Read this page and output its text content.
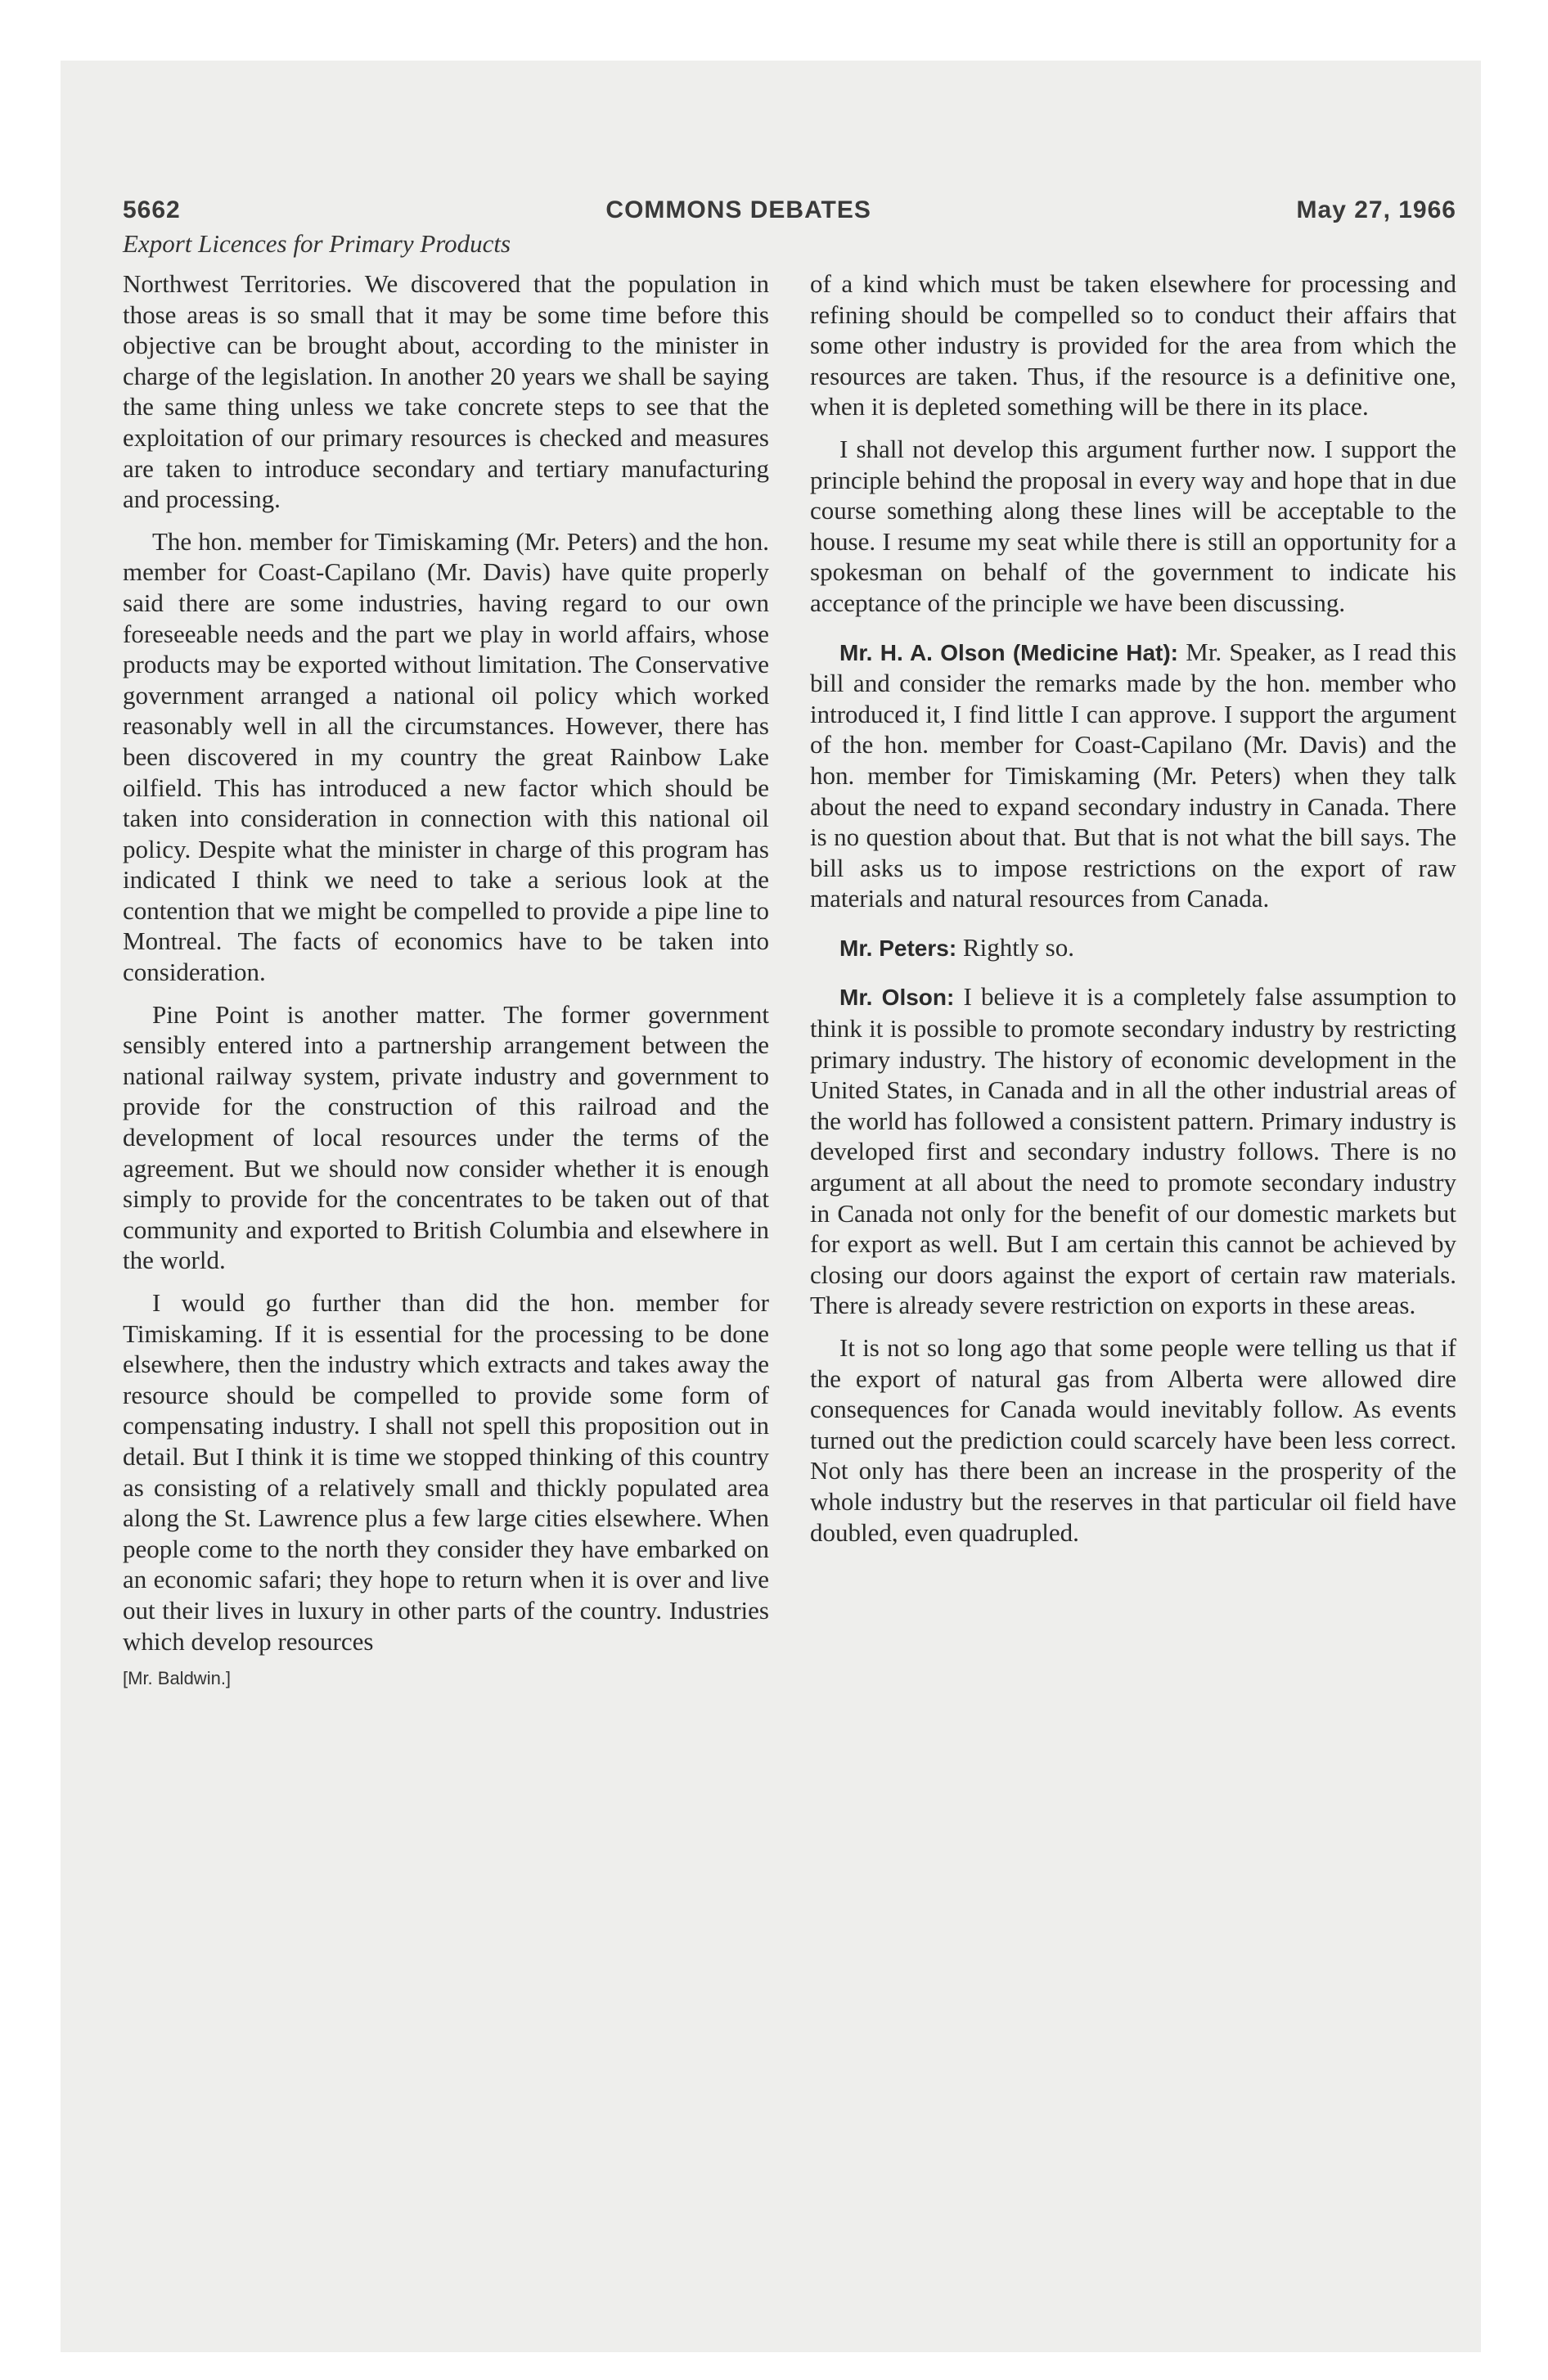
5662	COMMONS DEBATES	May 27, 1966
Export Licences for Primary Products

Northwest Territories. We discovered that the population in those areas is so small that it may be some time before this objective can be brought about, according to the minister in charge of the legislation. In another 20 years we shall be saying the same thing unless we take concrete steps to see that the exploitation of our primary resources is checked and measures are taken to introduce secondary and tertiary manufacturing and processing.

The hon. member for Timiskaming (Mr. Peters) and the hon. member for Coast-Capilano (Mr. Davis) have quite properly said there are some industries, having regard to our own foreseeable needs and the part we play in world affairs, whose products may be exported without limitation. The Conservative government arranged a national oil policy which worked reasonably well in all the circumstances. However, there has been discovered in my country the great Rainbow Lake oilfield. This has introduced a new factor which should be taken into consideration in connection with this national oil policy. Despite what the minister in charge of this program has indicated I think we need to take a serious look at the contention that we might be compelled to provide a pipe line to Montreal. The facts of economics have to be taken into consideration.

Pine Point is another matter. The former government sensibly entered into a partnership arrangement between the national railway system, private industry and government to provide for the construction of this railroad and the development of local resources under the terms of the agreement. But we should now consider whether it is enough simply to provide for the concentrates to be taken out of that community and exported to British Columbia and elsewhere in the world.

I would go further than did the hon. member for Timiskaming. If it is essential for the processing to be done elsewhere, then the industry which extracts and takes away the resource should be compelled to provide some form of compensating industry. I shall not spell this proposition out in detail. But I think it is time we stopped thinking of this country as consisting of a relatively small and thickly populated area along the St. Lawrence plus a few large cities elsewhere. When people come to the north they consider they have embarked on an economic safari; they hope to return when it is over and live out their lives in luxury in other parts of the country. Industries which develop resources

[Mr. Baldwin.]

of a kind which must be taken elsewhere for processing and refining should be compelled so to conduct their affairs that some other industry is provided for the area from which the resources are taken. Thus, if the resource is a definitive one, when it is depleted something will be there in its place.

I shall not develop this argument further now. I support the principle behind the proposal in every way and hope that in due course something along these lines will be acceptable to the house. I resume my seat while there is still an opportunity for a spokesman on behalf of the government to indicate his acceptance of the principle we have been discussing.

Mr. H. A. Olson (Medicine Hat): Mr. Speaker, as I read this bill and consider the remarks made by the hon. member who introduced it, I find little I can approve. I support the argument of the hon. member for Coast-Capilano (Mr. Davis) and the hon. member for Timiskaming (Mr. Peters) when they talk about the need to expand secondary industry in Canada. There is no question about that. But that is not what the bill says. The bill asks us to impose restrictions on the export of raw materials and natural resources from Canada.

Mr. Peters: Rightly so.

Mr. Olson: I believe it is a completely false assumption to think it is possible to promote secondary industry by restricting primary industry. The history of economic development in the United States, in Canada and in all the other industrial areas of the world has followed a consistent pattern. Primary industry is developed first and secondary industry follows. There is no argument at all about the need to promote secondary industry in Canada not only for the benefit of our domestic markets but for export as well. But I am certain this cannot be achieved by closing our doors against the export of certain raw materials. There is already severe restriction on exports in these areas.

It is not so long ago that some people were telling us that if the export of natural gas from Alberta were allowed dire consequences for Canada would inevitably follow. As events turned out the prediction could scarcely have been less correct. Not only has there been an increase in the prosperity of the whole industry but the reserves in that particular oil field have doubled, even quadrupled.
